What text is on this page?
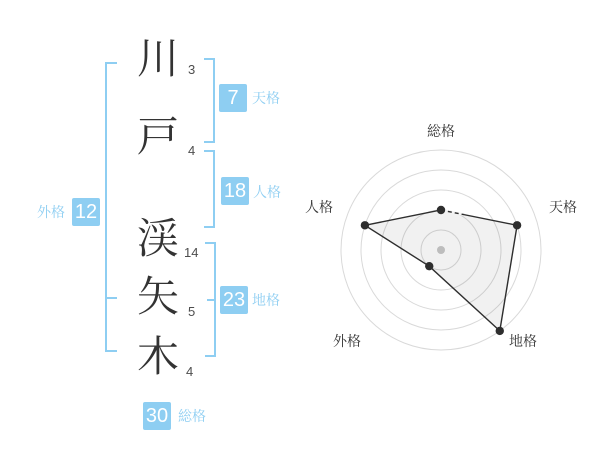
川
戸
渓
矢
木
3
4
14
5
4
7 天格
18 人格
23 地格
外格 12
30 総格
総格
天格
地格
外格
人格
